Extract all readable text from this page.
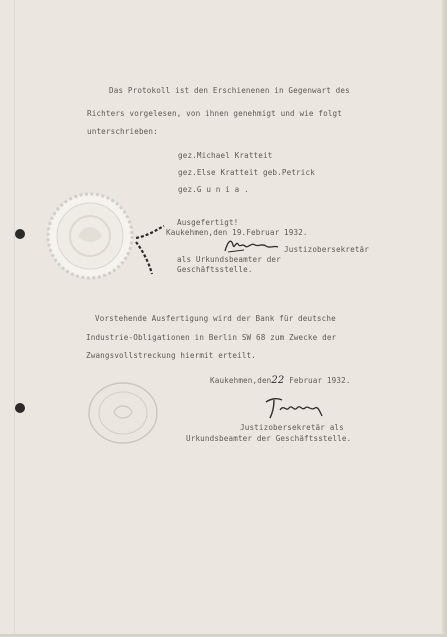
Das Protokoll ist den Erschienenen in Gegenwart des
Richters vorgelesen, von ihnen genehmigt und wie folgt
unterschrieben:
gez.Michael Kratteit
gez.Else Kratteit geb.Petrick
gez.G u n i a .
Ausgefertigt!
Kaukehmen,den 19.Februar 1932.
Justizobersekretär
als Urkundsbeamter der
Geschäftsstelle.
Vorstehende Ausfertigung wird der Bank für deutsche
Industrie-Obligationen in Berlin SW 68 zum Zwecke der
Zwangsvollstreckung hiermit erteilt.
Kaukehmen,den22 Februar 1932.
Justizobersekretär als
Urkundsbeamter der Geschäftsstelle.
